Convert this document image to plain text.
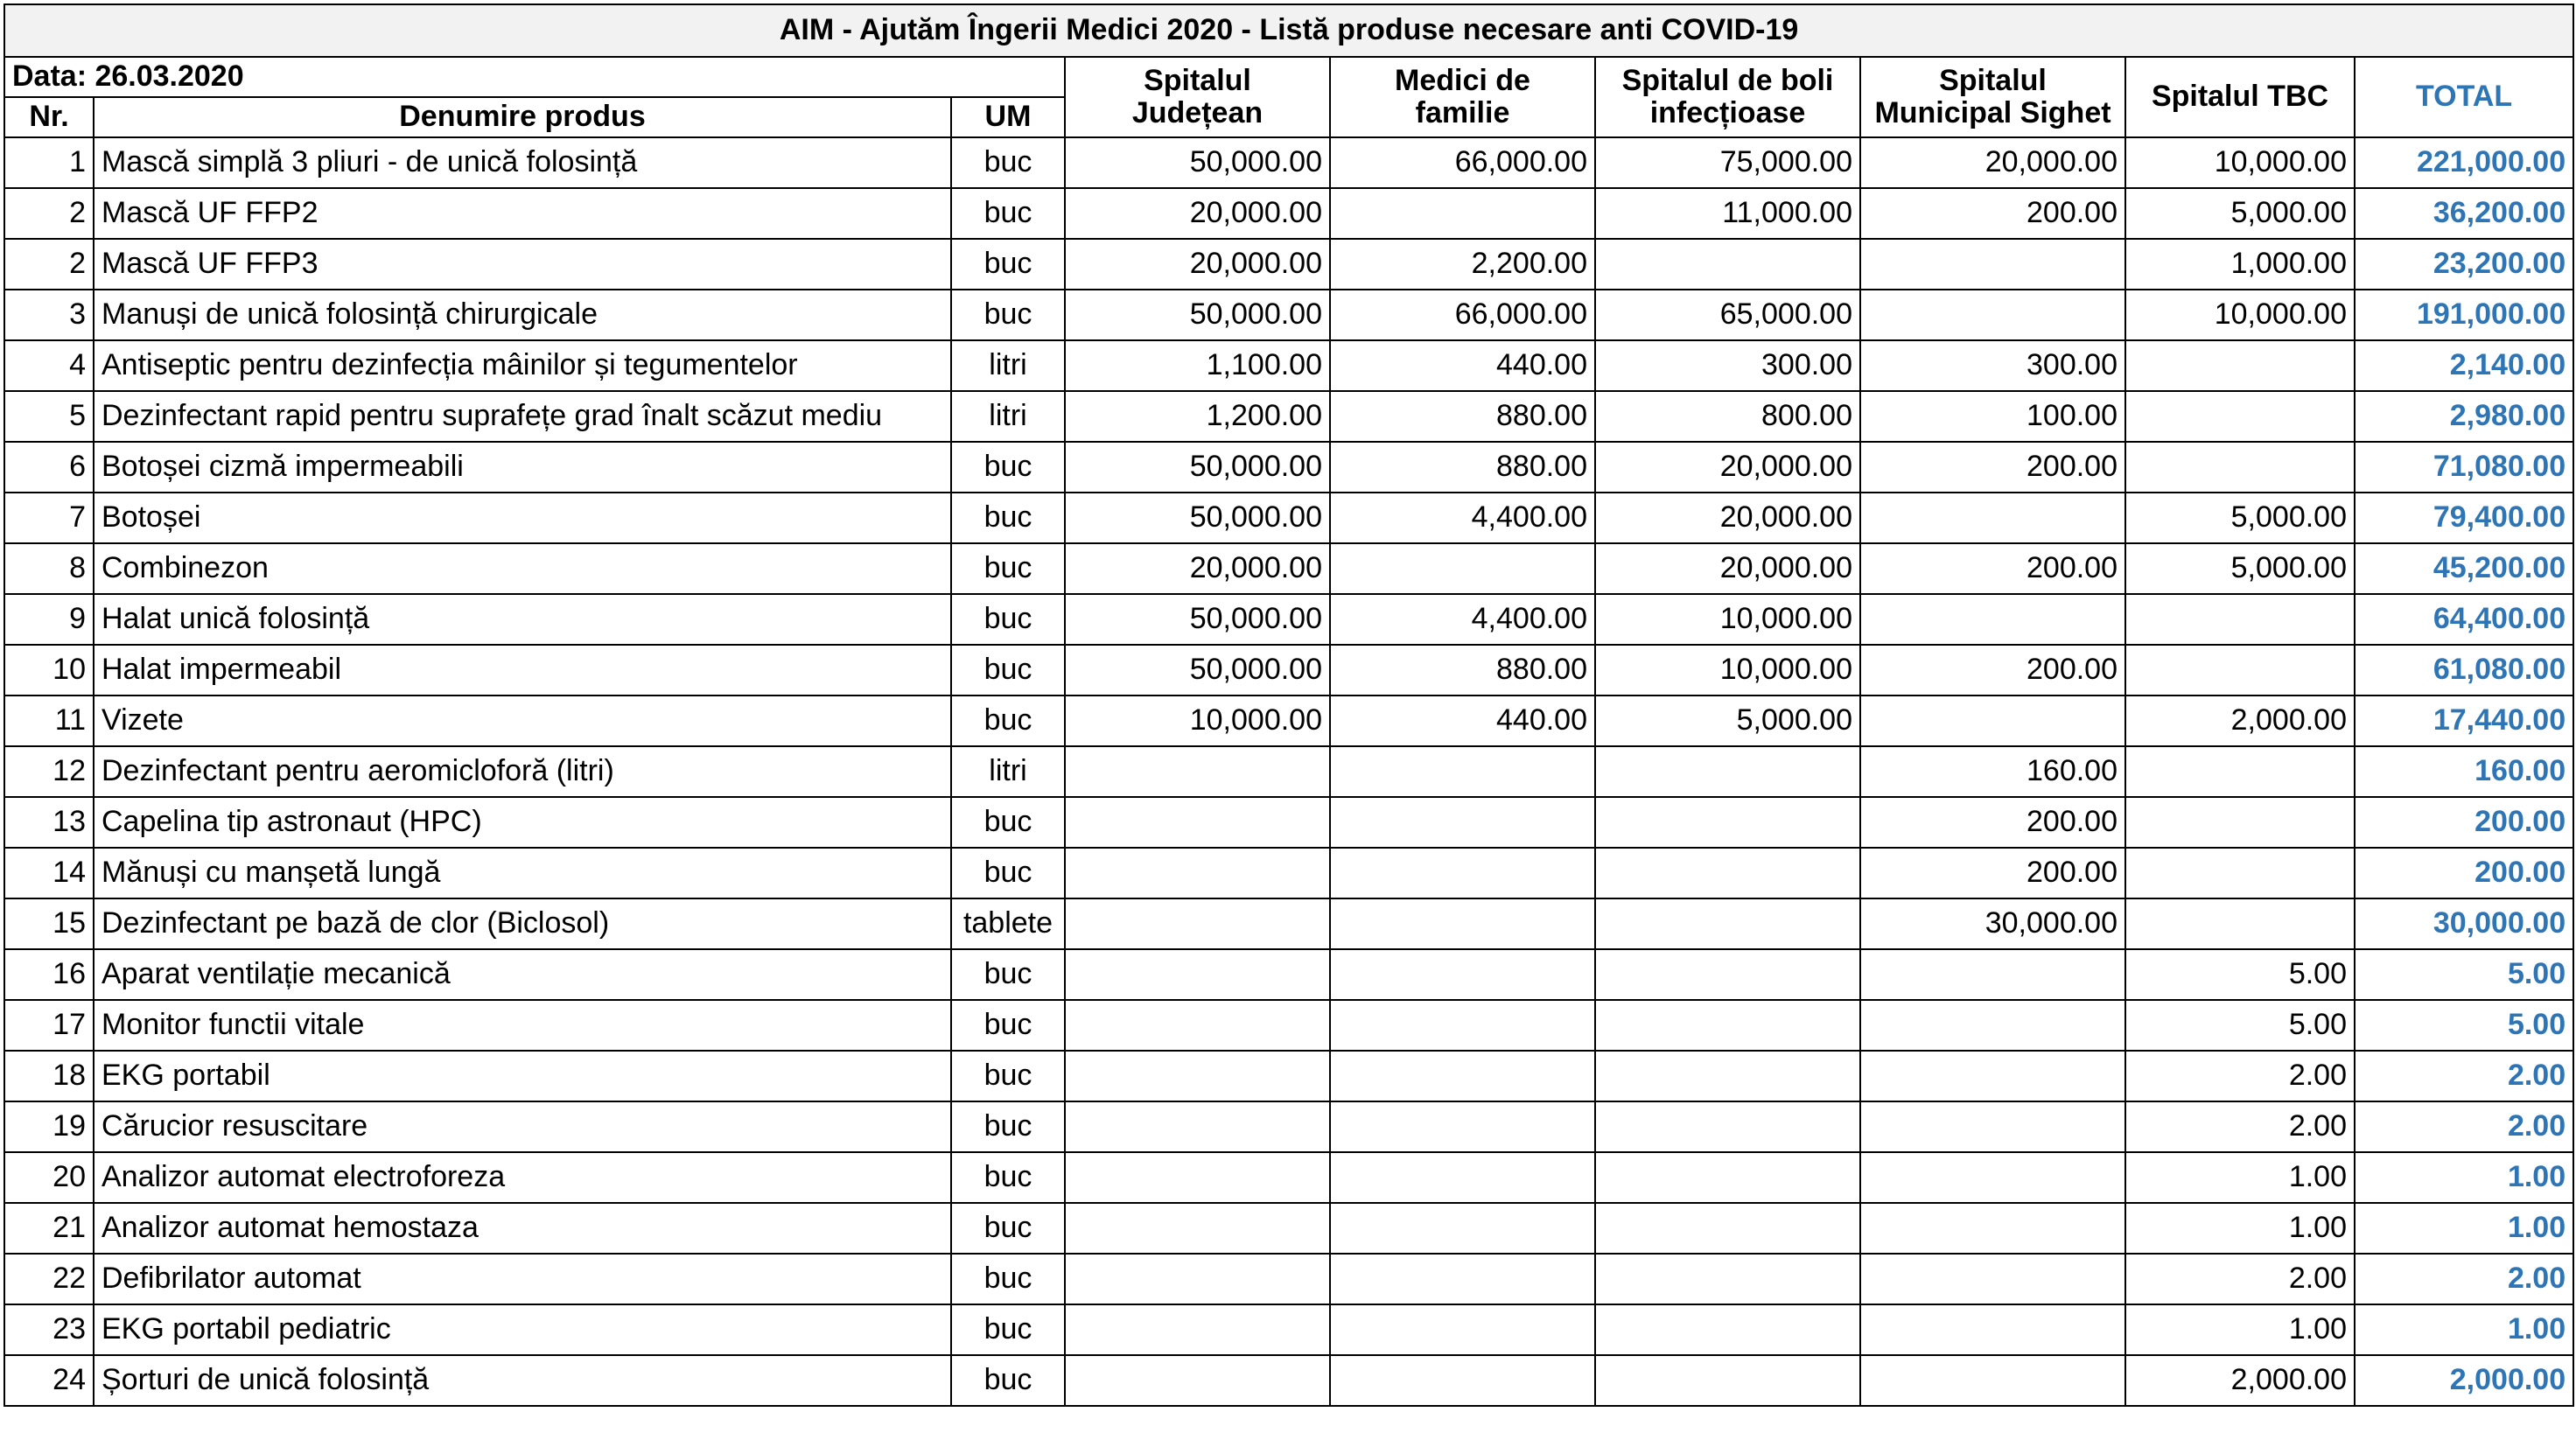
AIM - Ajutăm Îngerii Medici 2020 - Listă produse necesare anti COVID-19								
Data: 26.03.2020			Spitalul	Medici de	Spitalul de boli	Spitalul	Spitalul TBC	TOTAL
Nr.	Denumire produs	UM	Județean	familie	infecțioase	Municipal Sighet		
1	Mască simplă 3 pliuri - de unică folosință	buc	50,000.00	66,000.00	75,000.00	20,000.00	10,000.00	221,000.00
2	Mască UF FFP2	buc	20,000.00		11,000.00	200.00	5,000.00	36,200.00
2	Mască UF FFP3	buc	20,000.00	2,200.00			1,000.00	23,200.00
3	Manuși de unică folosință chirurgicale	buc	50,000.00	66,000.00	65,000.00		10,000.00	191,000.00
4	Antiseptic pentru dezinfecția mâinilor și tegumentelor	litri	1,100.00	440.00	300.00	300.00		2,140.00
5	Dezinfectant rapid pentru suprafețe grad înalt scăzut mediu	litri	1,200.00	880.00	800.00	100.00		2,980.00
6	Botoșei cizmă impermeabili	buc	50,000.00	880.00	20,000.00	200.00		71,080.00
7	Botoșei	buc	50,000.00	4,400.00	20,000.00		5,000.00	79,400.00
8	Combinezon	buc	20,000.00		20,000.00	200.00	5,000.00	45,200.00
9	Halat unică folosință	buc	50,000.00	4,400.00	10,000.00			64,400.00
10	Halat impermeabil	buc	50,000.00	880.00	10,000.00	200.00		61,080.00
11	Vizete	buc	10,000.00	440.00	5,000.00		2,000.00	17,440.00
12	Dezinfectant pentru aeromicloforă (litri)	litri				160.00		160.00
13	Capelina tip astronaut (HPC)	buc				200.00		200.00
14	Mănuși cu manșetă lungă	buc				200.00		200.00
15	Dezinfectant pe bază de clor (Biclosol)	tablete				30,000.00		30,000.00
16	Aparat ventilație mecanică	buc					5.00	5.00
17	Monitor functii vitale	buc					5.00	5.00
18	EKG portabil	buc					2.00	2.00
19	Cărucior resuscitare	buc					2.00	2.00
20	Analizor automat electroforeza	buc					1.00	1.00
21	Analizor automat hemostaza	buc					1.00	1.00
22	Defibrilator automat	buc					2.00	2.00
23	EKG portabil pediatric	buc					1.00	1.00
24	Șorturi de unică folosință	buc					2,000.00	2,000.00
